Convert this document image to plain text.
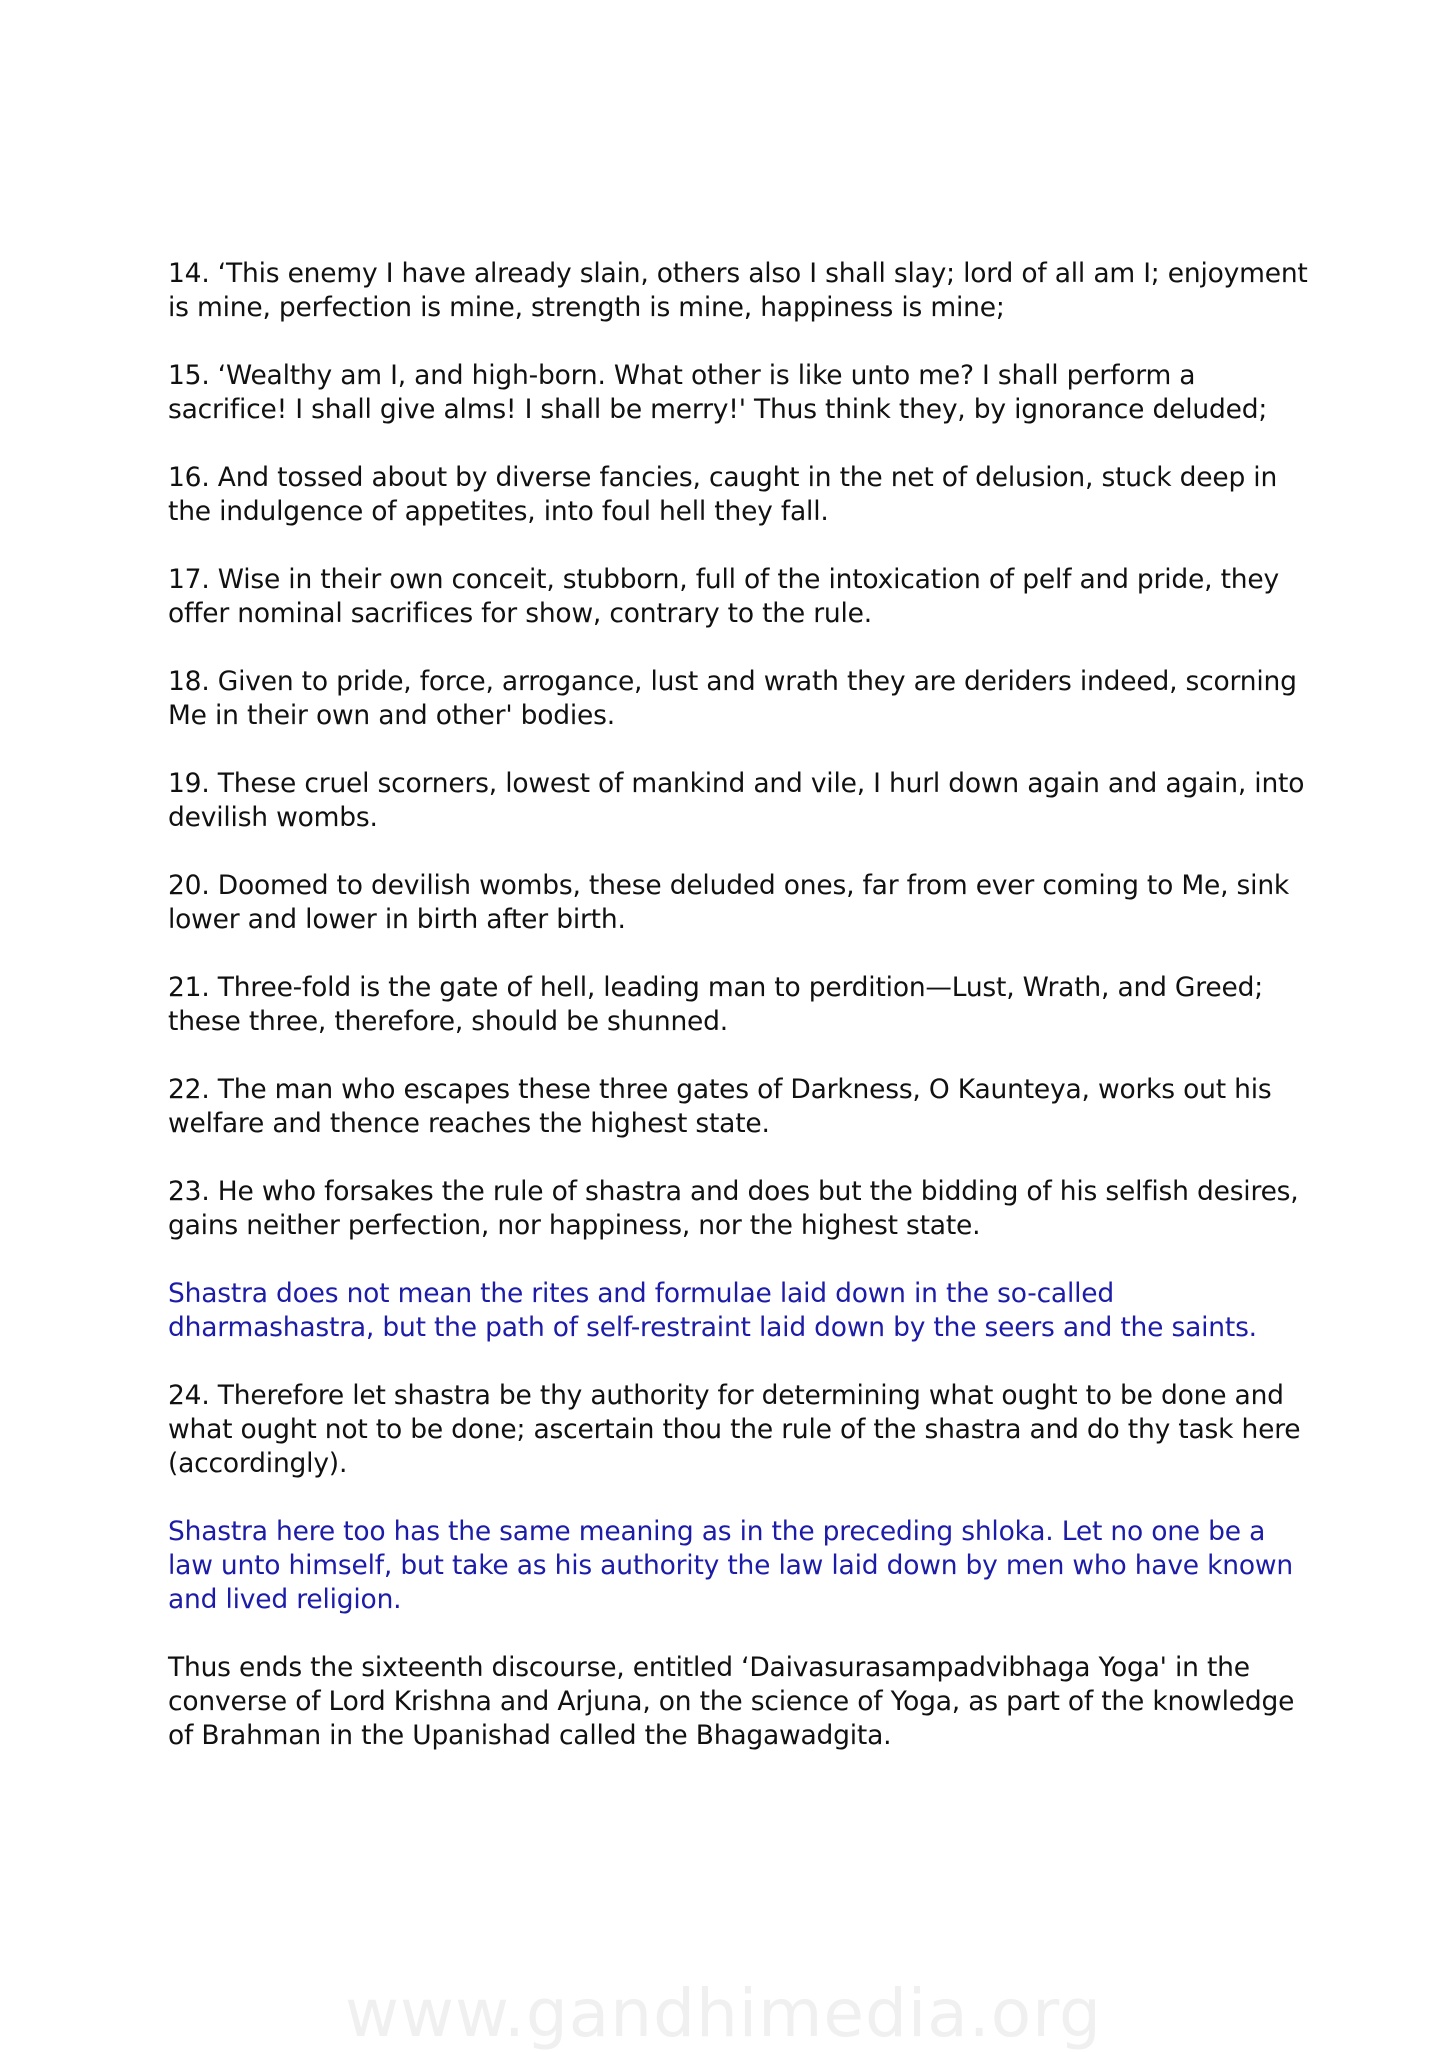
14. ‘This enemy I have already slain, others also I shall slay; lord of all am I; enjoyment is mine, perfection is mine, strength is mine, happiness is mine;

15. ‘Wealthy am I, and high-born. What other is like unto me? I shall perform a sacrifice! I shall give alms! I shall be merry!' Thus think they, by ignorance deluded;

16. And tossed about by diverse fancies, caught in the net of delusion, stuck deep in the indulgence of appetites, into foul hell they fall.

17. Wise in their own conceit, stubborn, full of the intoxication of pelf and pride, they offer nominal sacrifices for show, contrary to the rule.

18. Given to pride, force, arrogance, lust and wrath they are deriders indeed, scorning Me in their own and other' bodies.

19. These cruel scorners, lowest of mankind and vile, I hurl down again and again, into devilish wombs.

20. Doomed to devilish wombs, these deluded ones, far from ever coming to Me, sink lower and lower in birth after birth.

21. Three-fold is the gate of hell, leading man to perdition—Lust, Wrath, and Greed; these three, therefore, should be shunned.

22. The man who escapes these three gates of Darkness, O Kaunteya, works out his welfare and thence reaches the highest state.

23. He who forsakes the rule of shastra and does but the bidding of his selfish desires, gains neither perfection, nor happiness, nor the highest state.

Shastra does not mean the rites and formulae laid down in the so-called dharmashastra, but the path of self-restraint laid down by the seers and the saints.

24. Therefore let shastra be thy authority for determining what ought to be done and what ought not to be done; ascertain thou the rule of the shastra and do thy task here (accordingly).

Shastra here too has the same meaning as in the preceding shloka. Let no one be a law unto himself, but take as his authority the law laid down by men who have known and lived religion.

Thus ends the sixteenth discourse, entitled ‘Daivasurasampadvibhaga Yoga' in the converse of Lord Krishna and Arjuna, on the science of Yoga, as part of the knowledge of Brahman in the Upanishad called the Bhagawadgita.

www.gandhimedia.org
